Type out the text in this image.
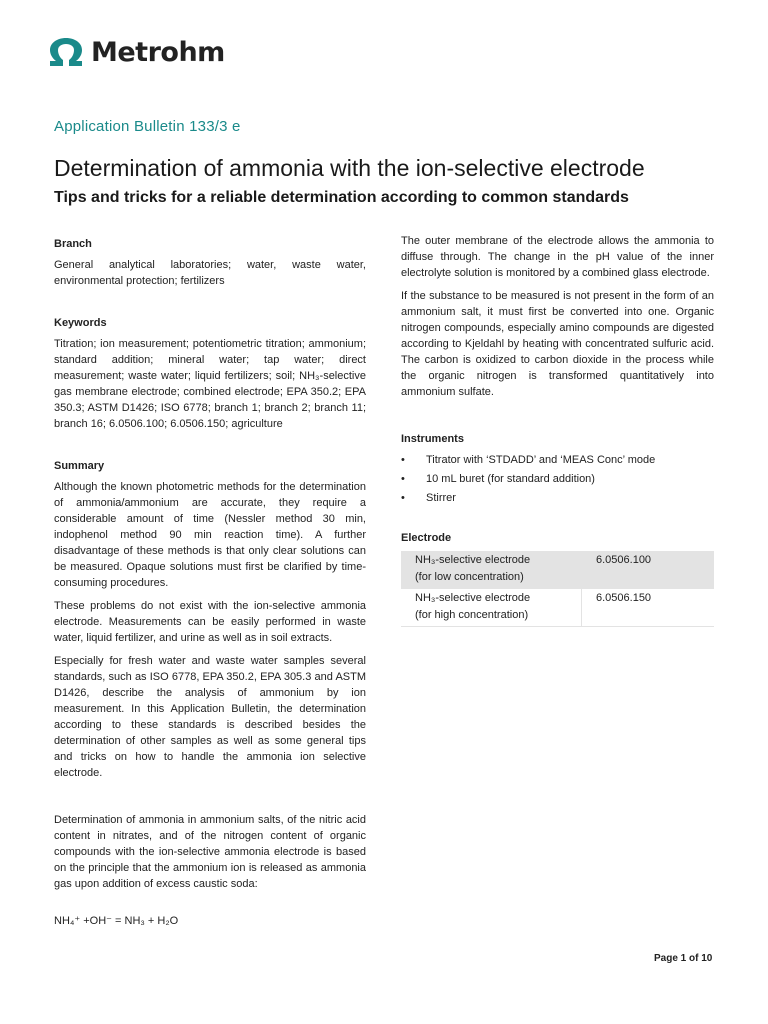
Metrohm
Application Bulletin 133/3 e
Determination of ammonia with the ion-selective electrode
Tips and tricks for a reliable determination according to common standards
Branch
General analytical laboratories; water, waste water, environmental protection; fertilizers
Keywords
Titration; ion measurement; potentiometric titration; ammonium; standard addition; mineral water; tap water; direct measurement; waste water; liquid fertilizers; soil; NH₃-selective gas membrane electrode; combined electrode; EPA 350.2; EPA 350.3; ASTM D1426; ISO 6778; branch 1; branch 2; branch 11; branch 16; 6.0506.100; 6.0506.150; agriculture
Summary
Although the known photometric methods for the determination of ammonia/ammonium are accurate, they require a considerable amount of time (Nessler method 30 min, indophenol method 90 min reaction time). A further disadvantage of these methods is that only clear solutions can be measured. Opaque solutions must first be clarified by time-consuming procedures.
These problems do not exist with the ion-selective ammonia electrode. Measurements can be easily performed in waste water, liquid fertilizer, and urine as well as in soil extracts.
Especially for fresh water and waste water samples several standards, such as ISO 6778, EPA 350.2, EPA 305.3 and ASTM D1426, describe the analysis of ammonium by ion measurement. In this Application Bulletin, the determination according to these standards is described besides the determination of other samples as well as some general tips and tricks on how to handle the ammonia ion selective electrode.
Determination of ammonia in ammonium salts, of the nitric acid content in nitrates, and of the nitrogen content of organic compounds with the ion-selective ammonia electrode is based on the principle that the ammonium ion is released as ammonia gas upon addition of excess caustic soda:
NH₄⁺ +OH⁻ = NH₃ + H₂O
The outer membrane of the electrode allows the ammonia to diffuse through. The change in the pH value of the inner electrolyte solution is monitored by a combined glass electrode.
If the substance to be measured is not present in the form of an ammonium salt, it must first be converted into one. Organic nitrogen compounds, especially amino compounds are digested according to Kjeldahl by heating with concentrated sulfuric acid. The carbon is oxidized to carbon dioxide in the process while the organic nitrogen is transformed quantitatively into ammonium sulfate.
Instruments
• Titrator with ‘STDADD’ and ‘MEAS Conc’ mode
• 10 mL buret (for standard addition)
• Stirrer
Electrode
NH₃-selective electrode
(for low concentration)	6.0506.100

NH₃-selective electrode
(for high concentration)	6.0506.150
Page 1 of 10
